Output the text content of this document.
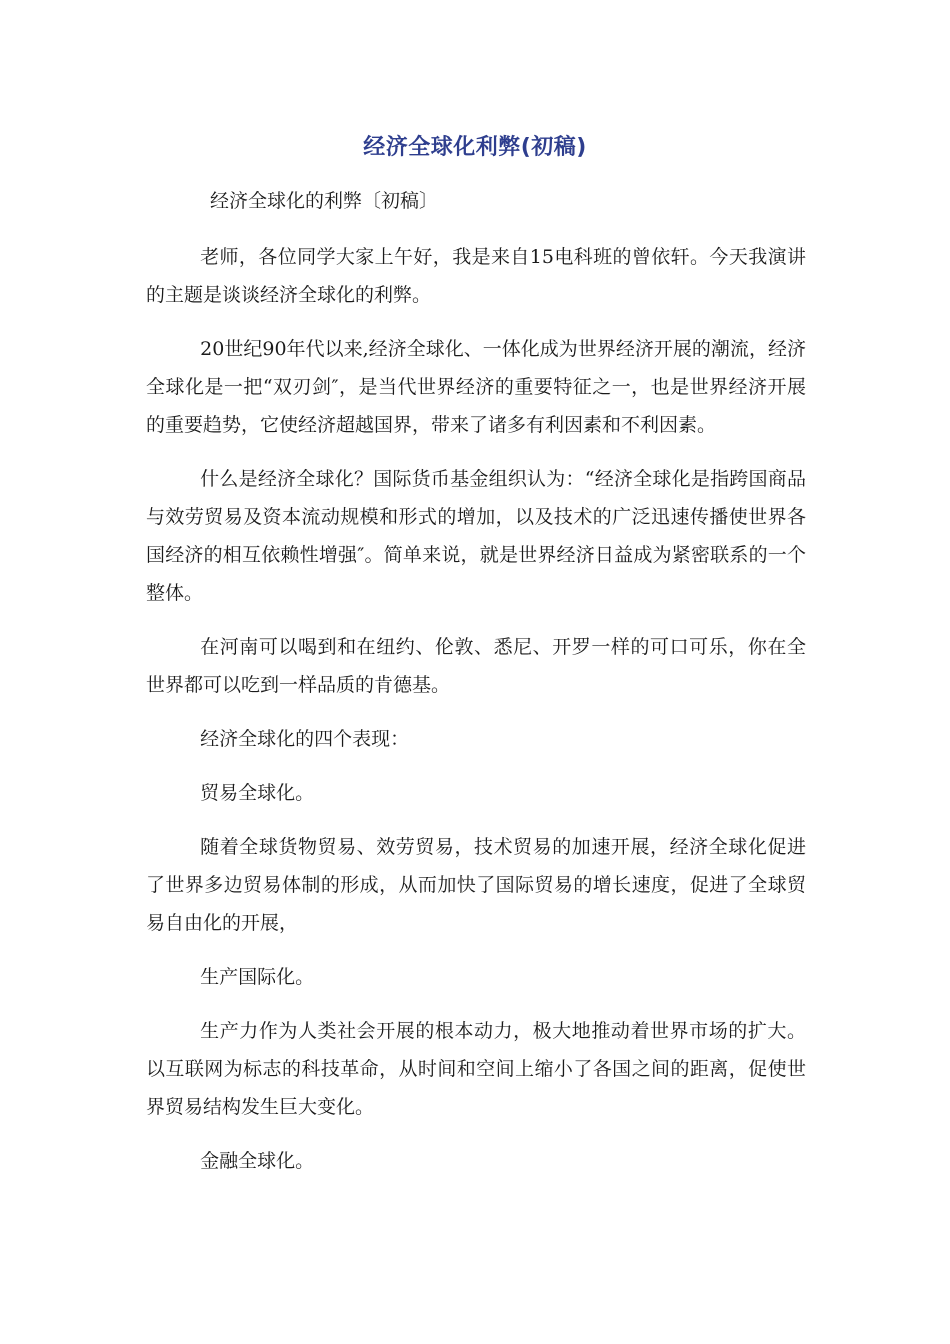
经济全球化利弊(初稿)
经济全球化的利弊〔初稿〕

老师，各位同学大家上午好，我是来自15电科班的曾依轩。今天我演讲的主题是谈谈经济全球化的利弊。

20世纪90年代以来,经济全球化、一体化成为世界经济开展的潮流，经济全球化是一把“双刃剑″，是当代世界经济的重要特征之一，也是世界经济开展的重要趋势，它使经济超越国界，带来了诸多有利因素和不利因素。

什么是经济全球化？国际货币基金组织认为：“经济全球化是指跨国商品与效劳贸易及资本流动规模和形式的增加，以及技术的广泛迅速传播使世界各国经济的相互依赖性增强″。简单来说，就是世界经济日益成为紧密联系的一个整体。

在河南可以喝到和在纽约、伦敦、悉尼、开罗一样的可口可乐，你在全世界都可以吃到一样品质的肯德基。

经济全球化的四个表现：

贸易全球化。

随着全球货物贸易、效劳贸易，技术贸易的加速开展，经济全球化促进了世界多边贸易体制的形成，从而加快了国际贸易的增长速度，促进了全球贸易自由化的开展，

生产国际化。

生产力作为人类社会开展的根本动力，极大地推动着世界市场的扩大。以互联网为标志的科技革命，从时间和空间上缩小了各国之间的距离，促使世界贸易结构发生巨大变化。

金融全球化。
